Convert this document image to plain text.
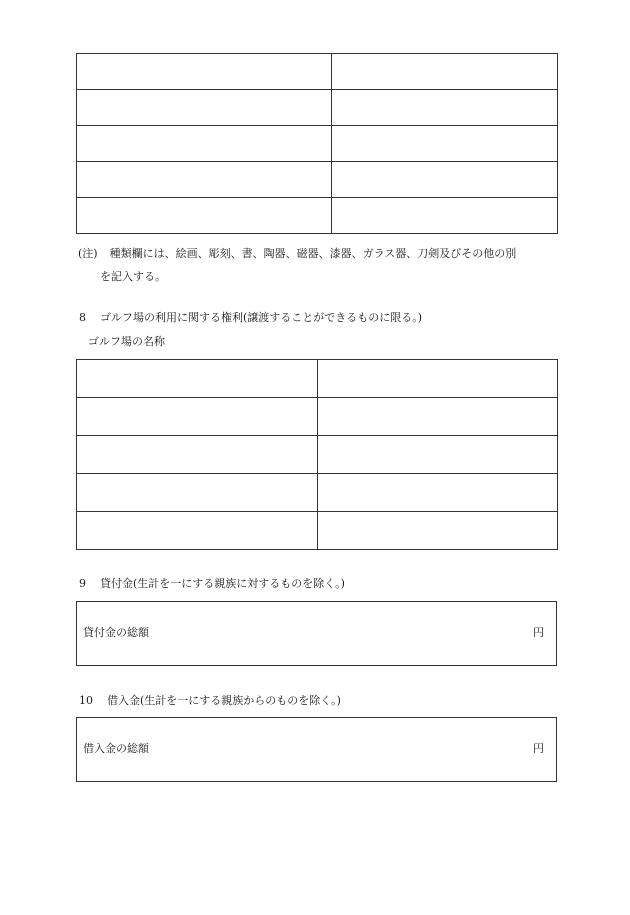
(注) 種類欄には、絵画、彫刻、書、陶器、磁器、漆器、ガラス器、刀剣及びその他の別
を記入する。
8 ゴルフ場の利用に関する権利(譲渡することができるものに限る。)
ゴルフ場の名称

9 貸付金(生計を一にする親族に対するものを除く。)
貸付金の総額	円
10 借入金(生計を一にする親族からのものを除く。)
借入金の総額	円
